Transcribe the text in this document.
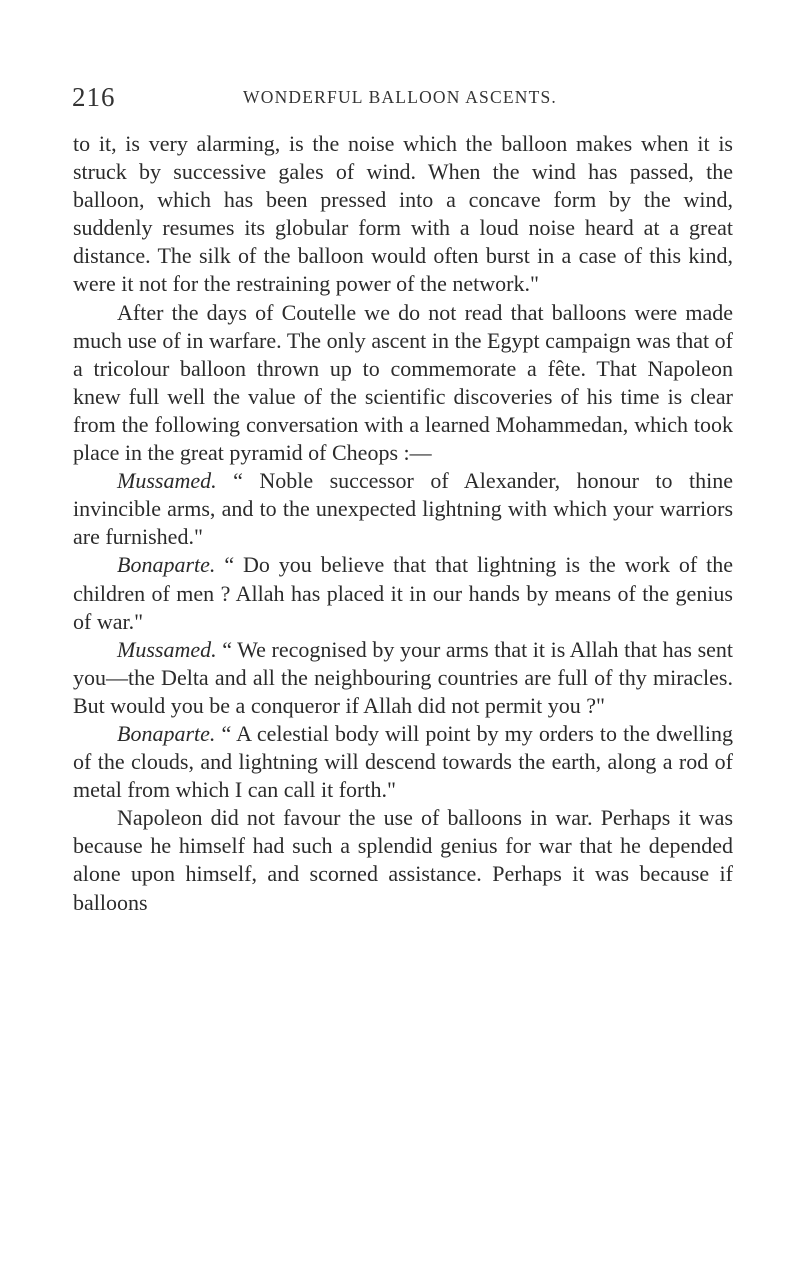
216	WONDERFUL BALLOON ASCENTS.

to it, is very alarming, is the noise which the balloon makes when it is struck by successive gales of wind. When the wind has passed, the balloon, which has been pressed into a concave form by the wind, suddenly resumes its globular form with a loud noise heard at a great distance. The silk of the balloon would often burst in a case of this kind, were it not for the restraining power of the network."

After the days of Coutelle we do not read that balloons were made much use of in warfare. The only ascent in the Egypt campaign was that of a tricolour balloon thrown up to commemorate a fête. That Napoleon knew full well the value of the scientific discoveries of his time is clear from the following conversation with a learned Mohammedan, which took place in the great pyramid of Cheops :—

Mussamed. “ Noble successor of Alexander, honour to thine invincible arms, and to the unexpected lightning with which your warriors are furnished."

Bonaparte. “ Do you believe that that lightning is the work of the children of men ? Allah has placed it in our hands by means of the genius of war."

Mussamed. “ We recognised by your arms that it is Allah that has sent you—the Delta and all the neighbouring countries are full of thy miracles. But would you be a conqueror if Allah did not permit you ?"

Bonaparte. “ A celestial body will point by my orders to the dwelling of the clouds, and lightning will descend towards the earth, along a rod of metal from which I can call it forth."

Napoleon did not favour the use of balloons in war. Perhaps it was because he himself had such a splendid genius for war that he depended alone upon himself, and scorned assistance. Perhaps it was because if balloons
